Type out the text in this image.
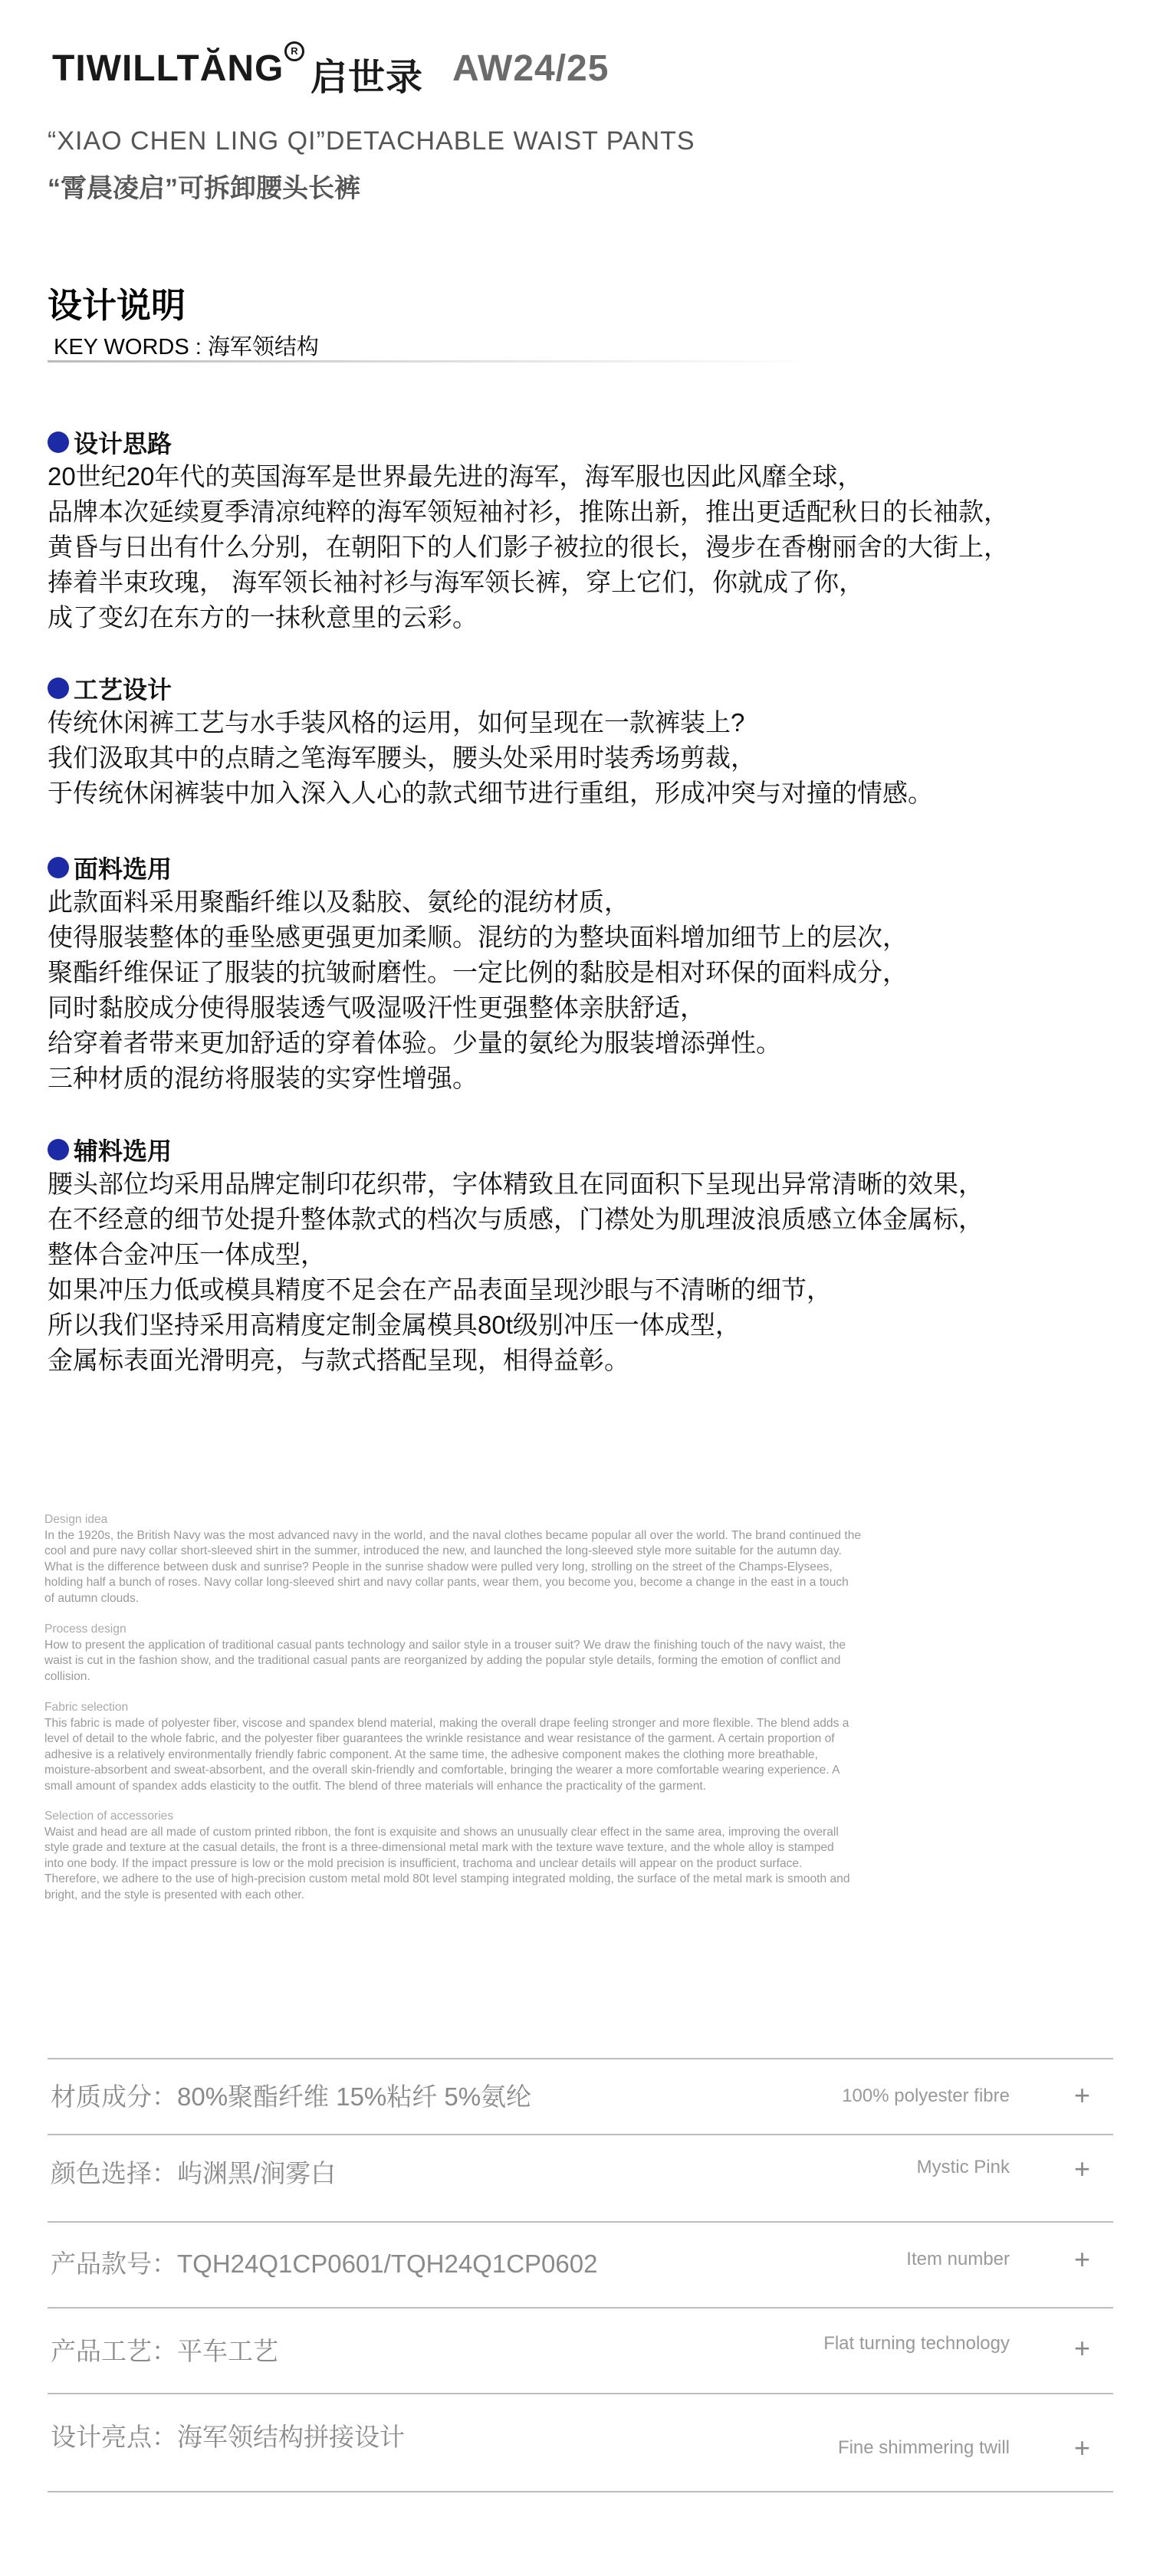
TIWILLTĂNG R
启世录 AW24/25
“XIAO CHEN LING QI”DETACHABLE WAIST PANTS
“霄晨凌启”可拆卸腰头长裤
设计说明
KEY WORDS : 海军领结构
设计思路
20世纪20年代的英国海军是世界最先进的海军，海军服也因此风靡全球，
品牌本次延续夏季清凉纯粹的海军领短袖衬衫，推陈出新，推出更适配秋日的长袖款，
黄昏与日出有什么分别，在朝阳下的人们影子被拉的很长，漫步在香榭丽舍的大街上，
捧着半束玫瑰， 海军领长袖衬衫与海军领长裤，穿上它们，你就成了你，
成了变幻在东方的一抹秋意里的云彩。
工艺设计
传统休闲裤工艺与水手装风格的运用，如何呈现在一款裤装上?
我们汲取其中的点睛之笔海军腰头，腰头处采用时装秀场剪裁，
于传统休闲裤装中加入深入人心的款式细节进行重组，形成冲突与对撞的情感。
面料选用
此款面料采用聚酯纤维以及黏胶、氨纶的混纺材质，
使得服装整体的垂坠感更强更加柔顺。混纺的为整块面料增加细节上的层次，
聚酯纤维保证了服装的抗皱耐磨性。一定比例的黏胶是相对环保的面料成分，
同时黏胶成分使得服装透气吸湿吸汗性更强整体亲肤舒适，
给穿着者带来更加舒适的穿着体验。少量的氨纶为服装增添弹性。
三种材质的混纺将服装的实穿性增强。
辅料选用
腰头部位均采用品牌定制印花织带，字体精致且在同面积下呈现出异常清晰的效果，
在不经意的细节处提升整体款式的档次与质感，门襟处为肌理波浪质感立体金属标，
整体合金冲压一体成型，
如果冲压力低或模具精度不足会在产品表面呈现沙眼与不清晰的细节，
所以我们坚持采用高精度定制金属模具80t级别冲压一体成型，
金属标表面光滑明亮，与款式搭配呈现，相得益彰。
Design idea
In the 1920s, the British Navy was the most advanced navy in the world, and the naval clothes became popular all over the world. The brand continued the
cool and pure navy collar short-sleeved shirt in the summer, introduced the new, and launched the long-sleeved style more suitable for the autumn day.
What is the difference between dusk and sunrise? People in the sunrise shadow were pulled very long, strolling on the street of the Champs-Elysees,
holding half a bunch of roses. Navy collar long-sleeved shirt and navy collar pants, wear them, you become you, become a change in the east in a touch
of autumn clouds.
Process design
How to present the application of traditional casual pants technology and sailor style in a trouser suit? We draw the finishing touch of the navy waist, the
waist is cut in the fashion show, and the traditional casual pants are reorganized by adding the popular style details, forming the emotion of conflict and
collision.
Fabric selection
This fabric is made of polyester fiber, viscose and spandex blend material, making the overall drape feeling stronger and more flexible. The blend adds a
level of detail to the whole fabric, and the polyester fiber guarantees the wrinkle resistance and wear resistance of the garment. A certain proportion of
adhesive is a relatively environmentally friendly fabric component. At the same time, the adhesive component makes the clothing more breathable,
moisture-absorbent and sweat-absorbent, and the overall skin-friendly and comfortable, bringing the wearer a more comfortable wearing experience. A
small amount of spandex adds elasticity to the outfit. The blend of three materials will enhance the practicality of the garment.
Selection of accessories
Waist and head are all made of custom printed ribbon, the font is exquisite and shows an unusually clear effect in the same area, improving the overall
style grade and texture at the casual details, the front is a three-dimensional metal mark with the texture wave texture, and the whole alloy is stamped
into one body. If the impact pressure is low or the mold precision is insufficient, trachoma and unclear details will appear on the product surface.
Therefore, we adhere to the use of high-precision custom metal mold 80t level stamping integrated molding, the surface of the metal mark is smooth and
bright, and the style is presented with each other.
材质成分：80%聚酯纤维 15%粘纤 5%氨纶	100% polyester fibre +
颜色选择：屿渊黑/涧雾白	Mystic Pink +
产品款号：TQH24Q1CP0601/TQH24Q1CP0602	Item number +
产品工艺：平车工艺	Flat turning technology +
设计亮点：海军领结构拼接设计	Fine shimmering twill +
